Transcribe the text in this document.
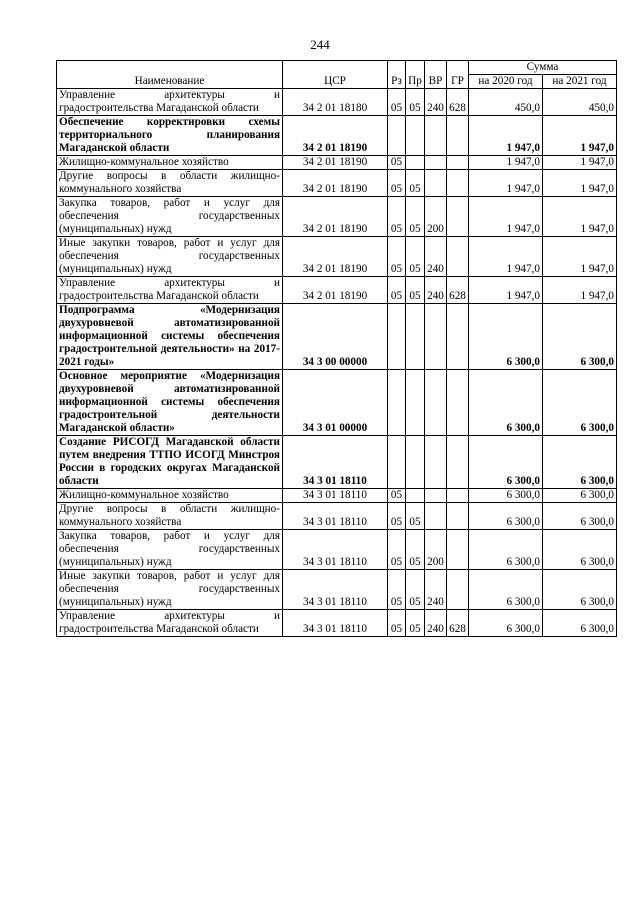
244
Наименование	ЦСР	Рз	Пр	ВР	ГР	Сумма	
						на 2020 год	на 2021 год
Управление архитектуры и градостроительства Магаданской области	34 2 01 18180	05	05	240	628	450,0	450,0
Обеспечение корректировки схемы территориального планирования Магаданской области	34 2 01 18190					1 947,0	1 947,0
Жилищно-коммунальное хозяйство	34 2 01 18190	05				1 947,0	1 947,0
Другие вопросы в области жилищно-коммунального хозяйства	34 2 01 18190	05	05			1 947,0	1 947,0
Закупка товаров, работ и услуг для обеспечения государственных (муниципальных) нужд	34 2 01 18190	05	05	200		1 947,0	1 947,0
Иные закупки товаров, работ и услуг для обеспечения государственных (муниципальных) нужд	34 2 01 18190	05	05	240		1 947,0	1 947,0
Управление архитектуры и градостроительства Магаданской области	34 2 01 18190	05	05	240	628	1 947,0	1 947,0
Подпрограмма «Модернизация двухуровневой автоматизированной информационной системы обеспечения градостроительной деятельности» на 2017-2021 годы»	34 3 00 00000					6 300,0	6 300,0
Основное мероприятие «Модернизация двухуровневой автоматизированной информационной системы обеспечения градостроительной деятельности Магаданской области»	34 3 01 00000					6 300,0	6 300,0
Создание РИСОГД Магаданской области путем внедрения ТТПО ИСОГД Минстроя России в городских округах Магаданской области	34 3 01 18110					6 300,0	6 300,0
Жилищно-коммунальное хозяйство	34 3 01 18110	05				6 300,0	6 300,0
Другие вопросы в области жилищно-коммунального хозяйства	34 3 01 18110	05	05			6 300,0	6 300,0
Закупка товаров, работ и услуг для обеспечения государственных (муниципальных) нужд	34 3 01 18110	05	05	200		6 300,0	6 300,0
Иные закупки товаров, работ и услуг для обеспечения государственных (муниципальных) нужд	34 3 01 18110	05	05	240		6 300,0	6 300,0
Управление архитектуры и градостроительства Магаданской области	34 3 01 18110	05	05	240	628	6 300,0	6 300,0
